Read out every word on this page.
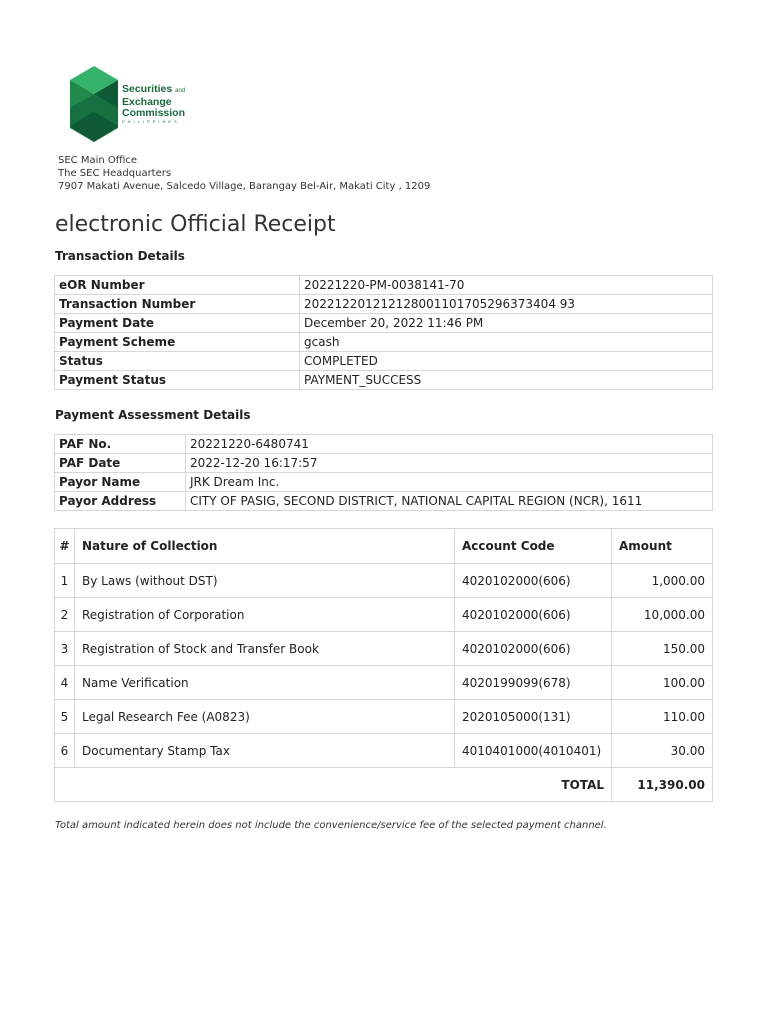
Securities and
Exchange
Commission
PHILIPPINES
SEC Main Office
The SEC Headquarters
7907 Makati Avenue, Salcedo Village, Barangay Bel-Air, Makati City , 1209
electronic Official Receipt
Transaction Details
eOR Number	20221220-PM-0038141-70
Transaction Number	202212201212128001101705296373404 93
Payment Date	December 20, 2022 11:46 PM
Payment Scheme	gcash
Status	COMPLETED
Payment Status	PAYMENT_SUCCESS
Payment Assessment Details
PAF No.	20221220-6480741
PAF Date	2022-12-20 16:17:57
Payor Name	JRK Dream Inc.
Payor Address	CITY OF PASIG, SECOND DISTRICT, NATIONAL CAPITAL REGION (NCR), 1611
#	Nature of Collection	Account Code	Amount
1	By Laws (without DST)	4020102000(606)	1,000.00
2	Registration of Corporation	4020102000(606)	10,000.00
3	Registration of Stock and Transfer Book	4020102000(606)	150.00
4	Name Verification	4020199099(678)	100.00
5	Legal Research Fee (A0823)	2020105000(131)	110.00
6	Documentary Stamp Tax	4010401000(4010401)	30.00
TOTAL			11,390.00
Total amount indicated herein does not include the convenience/service fee of the selected payment channel.
